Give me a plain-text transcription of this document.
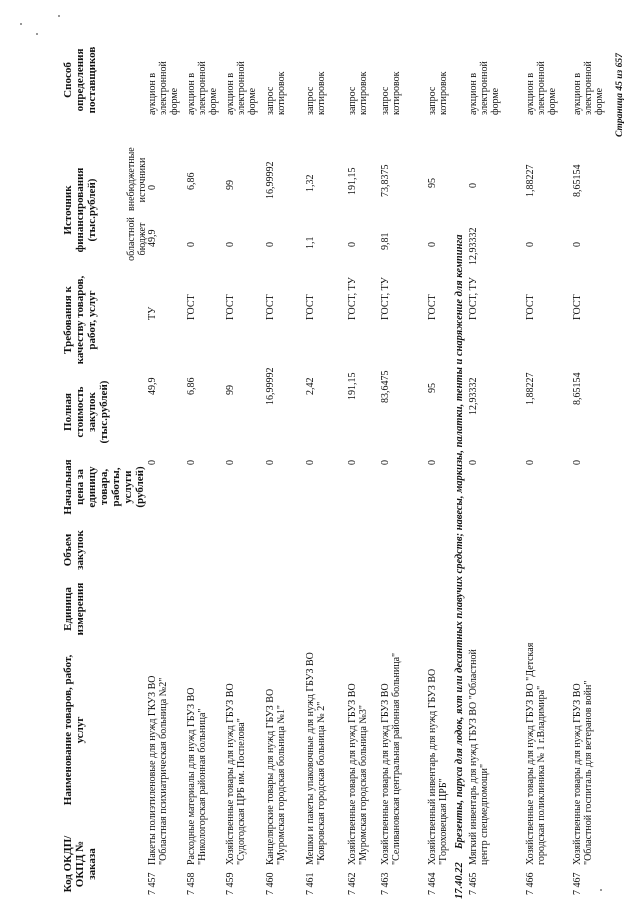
Код ОКДП/ ОКПД № заказа
Наименование товаров, работ, услуг
Единица измерения
Объем закупок
Начальная цена за единицу товара, работы, услуги (рублей)
Полная стоимость закупок (тыс.рублей)
Требования к качеству товаров, работ, услуг
Источник финансирования (тыс.рублей)	областной бюджет
внебюджетные источники
Способ определения поставщиков
7 457
Пакеты полиэтиленовые для нужд ГКУЗ ВО "Областная психиатрическая больница №2"
0
49,9
ТУ
49,9
0
аукцион в электронной форме
7 458
Расходные материалы для нужд ГБУЗ ВО "Никологорская районная больница"
0
6,86
ГОСТ
0
6,86
аукцион в электронной форме
7 459
Хозяйственные товары для нужд ГБУЗ ВО "Судогодская ЦРБ им. Поспелова"
0
99
ГОСТ
0
99
аукцион в электронной форме
7 460
Канцелярские товары для нужд ГБУЗ ВО "Муромская городская больница №1"
0
16,99992
ГОСТ
0
16,99992
запрос котировок
7 461
Мешки и пакеты упаковочные для нужд ГБУЗ ВО "Ковровская городская больница № 2"
0
2,42
ГОСТ
1,1
1,32
запрос котировок
7 462
Хозяйственные товары для нужд ГБУЗ ВО "Муромская городская больница №3"
0
191,15
ГОСТ, ТУ
0
191,15
запрос котировок
7 463
Хозяйственные товары для нужд ГБУЗ ВО "Селивановская центральная районная больница"
0
83,6475
ГОСТ, ТУ
9,81
73,8375
запрос котировок
7 464
Хозяйственный инвентарь для нужд ГБУЗ ВО "Гороховецкая ЦРБ"
0
95
ГОСТ
0
95
запрос котировок
17.40.22
Брезенты, паруса для лодок, яхт или десантных плавучих средств; навесы, маркизы, палатки, тенты и снаряжение для кемпинга
7 465
Мягкий инвентарь для нужд ГБУЗ ВО "Областной центр спецмедпомощи"
0
12,93332
ГОСТ, ТУ
12,93332
0
аукцион в электронной форме
7 466
Хозяйственные товары для нужд ГБУЗ ВО "Детская городская поликлиника № 1 г.Владимира"
0
1,88227
ГОСТ
0
1,88227
аукцион в электронной форме
7 467
Хозяйственные товары для нужд ГБУЗ ВО "Областной госпиталь для ветеранов войн"
0
8,65154
ГОСТ
0
8,65154
аукцион в электронной форме Страница 45 из 657
